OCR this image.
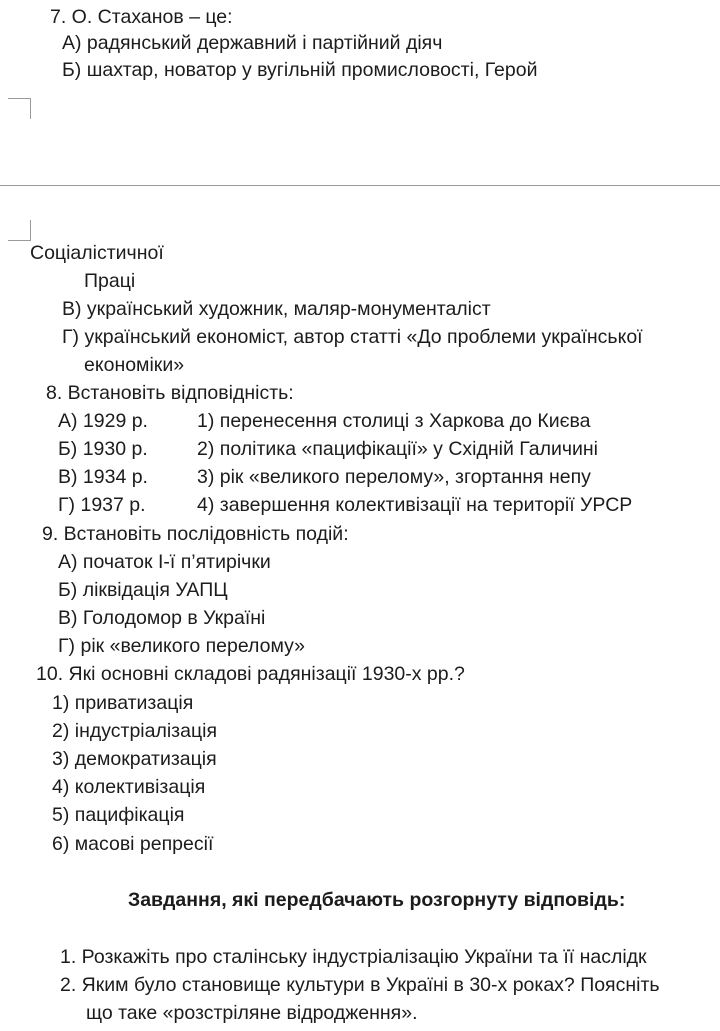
7. О. Стаханов – це:
А) радянський державний і партійний діяч
Б) шахтар, новатор у вугільній промисловості, Герой
Соціалістичної
Праці
В) український художник, маляр-монументаліст
Г) український економіст, автор статті «До проблеми української
економіки»
8. Встановіть відповідність:
А) 1929 р.	1) перенесення столиці з Харкова до Києва
Б) 1930 р.	2) політика «пацифікації» у Східній Галичині
В) 1934 р.	3) рік «великого перелому», згортання непу
Г) 1937 р.	4) завершення колективізації на території УРСР
9. Встановіть послідовність подій:
А) початок І-ї п’ятирічки
Б) ліквідація УАПЦ
В) Голодомор в Україні
Г) рік «великого перелому»
10. Які основні складові радянізації 1930-х рр.?
1) приватизація
2) індустріалізація
3) демократизація
4) колективізація
5) пацифікація
6) масові репресії
Завдання, які передбачають розгорнуту відповідь:
1. Розкажіть про сталінську індустріалізацію України та її наслідк
2. Яким було становище культури в Україні в 30-х роках? Поясніть
що таке «розстріляне відродження».
